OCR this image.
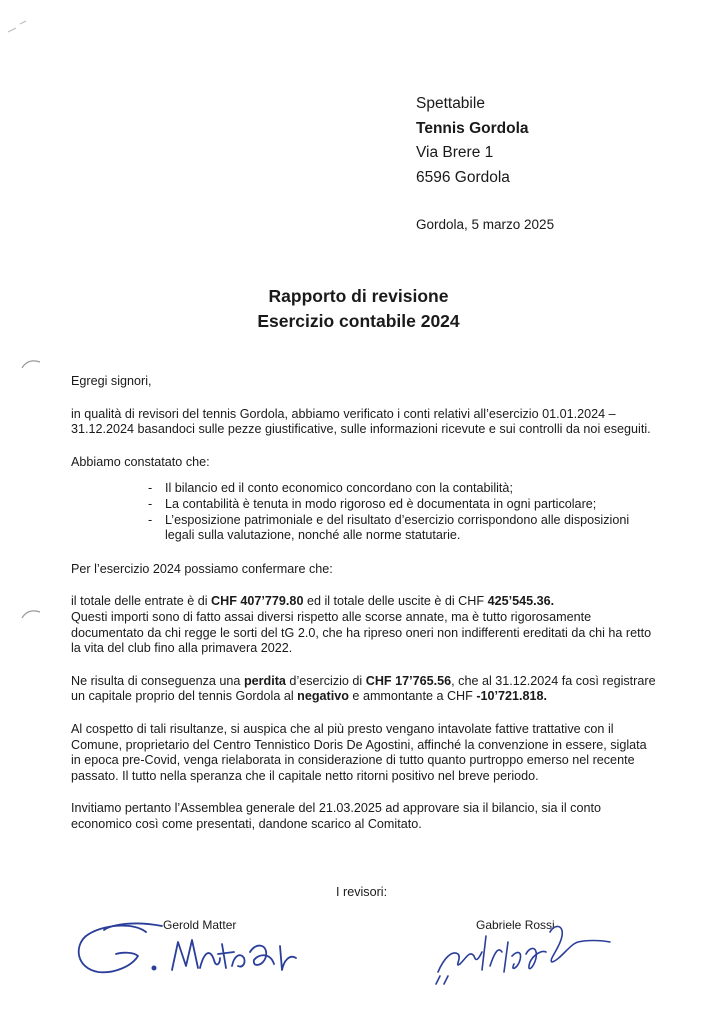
Spettabile
Tennis Gordola
Via Brere 1
6596 Gordola
Gordola, 5 marzo 2025
Rapporto di revisione
Esercizio contabile 2024

Egregi signori,

in qualità di revisori del tennis Gordola, abbiamo verificato i conti relativi all’esercizio 01.01.2024 – 31.12.2024 basandoci sulle pezze giustificative, sulle informazioni ricevute e sui controlli da noi eseguiti.

Abbiamo constatato che:

- Il bilancio ed il conto economico concordano con la contabilità;
- La contabilità è tenuta in modo rigoroso ed è documentata in ogni particolare;
- L’esposizione patrimoniale e del risultato d’esercizio corrispondono alle disposizioni legali sulla valutazione, nonché alle norme statutarie.

Per l’esercizio 2024 possiamo confermare che:

il totale delle entrate è di CHF 407’779.80 ed il totale delle uscite è di CHF 425’545.36.
Questi importi sono di fatto assai diversi rispetto alle scorse annate, ma è tutto rigorosamente documentato da chi regge le sorti del tG 2.0, che ha ripreso oneri non indifferenti ereditati da chi ha retto la vita del club fino alla primavera 2022.

Ne risulta di conseguenza una perdita d’esercizio di CHF 17’765.56, che al 31.12.2024 fa così registrare un capitale proprio del tennis Gordola al negativo e ammontante a CHF -10’721.818.

Al cospetto di tali risultanze, si auspica che al più presto vengano intavolate fattive trattative con il Comune, proprietario del Centro Tennistico Doris De Agostini, affinché la convenzione in essere, siglata in epoca pre-Covid, venga rielaborata in considerazione di tutto quanto purtroppo emerso nel recente passato. Il tutto nella speranza che il capitale netto ritorni positivo nel breve periodo.

Invitiamo pertanto l’Assemblea generale del 21.03.2025 ad approvare sia il bilancio, sia il conto economico così come presentati, dandone scarico al Comitato.

I revisori:
Gerold Matter	Gabriele Rossi
